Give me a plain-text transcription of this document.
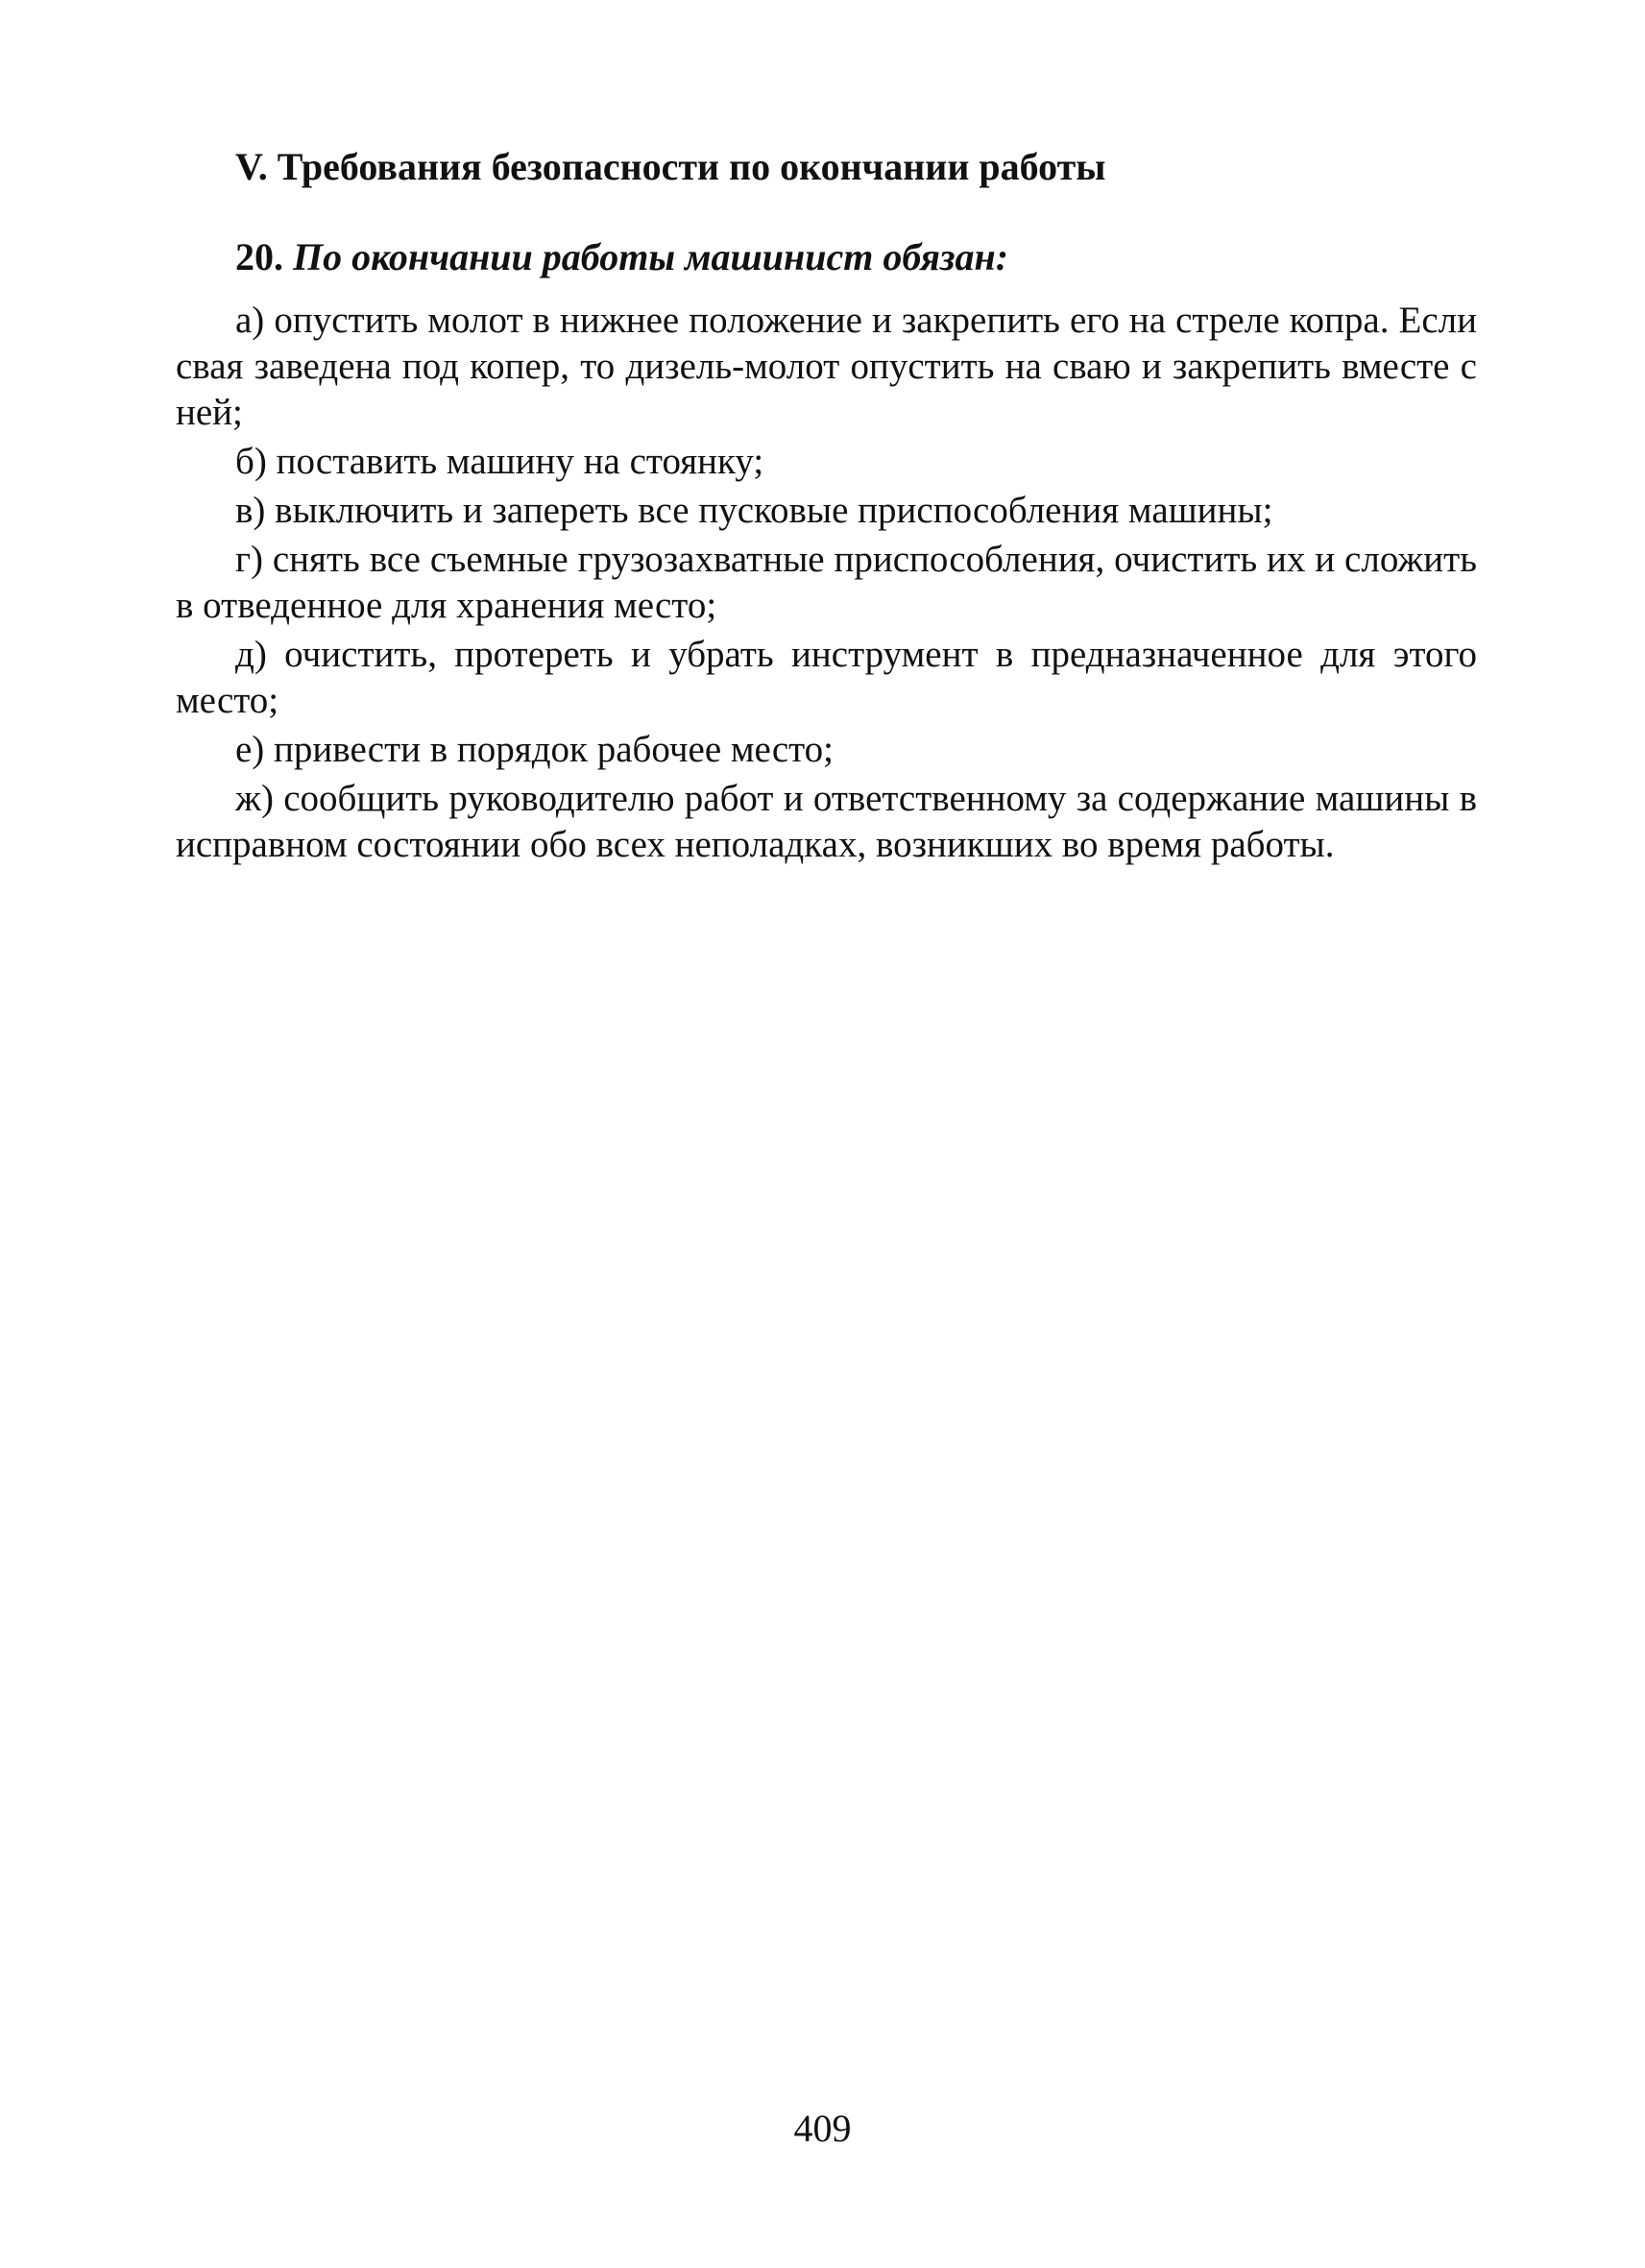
V. Требования безопасности по окончании работы
20. По окончании работы машинист обязан:

а) опустить молот в нижнее положение и закрепить его на стреле копра. Если свая заведена под копер, то дизель-молот опустить на сваю и закрепить вместе с ней;

б) поставить машину на стоянку;

в) выключить и запереть все пусковые приспособления машины;

г) снять все съемные грузозахватные приспособления, очистить их и сложить в отведенное для хранения место;

д) очистить, протереть и убрать инструмент в предназначенное для этого место;

е) привести в порядок рабочее место;

ж) сообщить руководителю работ и ответственному за содержание машины в исправном состоянии обо всех неполадках, возникших во время работы.

409
